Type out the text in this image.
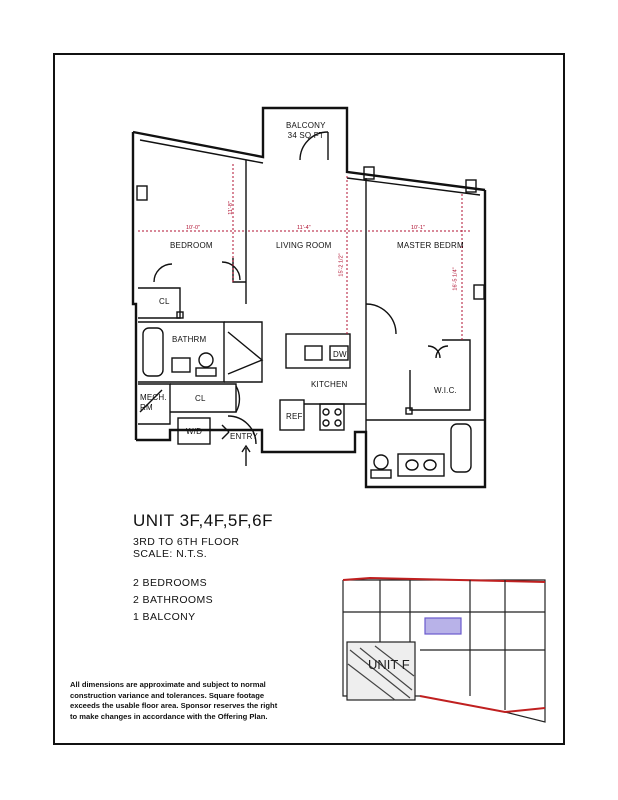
BALCONY
34 SQ FT
BEDROOM	LIVING ROOM	MASTER BEDRM
CL
BATHRM
CL
MECH. RM
KITCHEN
DW
REF
W/D
ENTRY
W.I.C.
10'-0"
11'-8"
11'-4"
15'-2 1/2"
10'-1"
16'-5 1/4"
UNIT 3F,4F,5F,6F
3RD TO 6TH FLOOR
SCALE: N.T.S.
2 BEDROOMS
2 BATHROOMS
1 BALCONY
UNIT F
All dimensions are approximate and subject to normal construction variance and tolerances. Square footage exceeds the usable floor area. Sponsor reserves the right to make changes in accordance with the Offering Plan.
